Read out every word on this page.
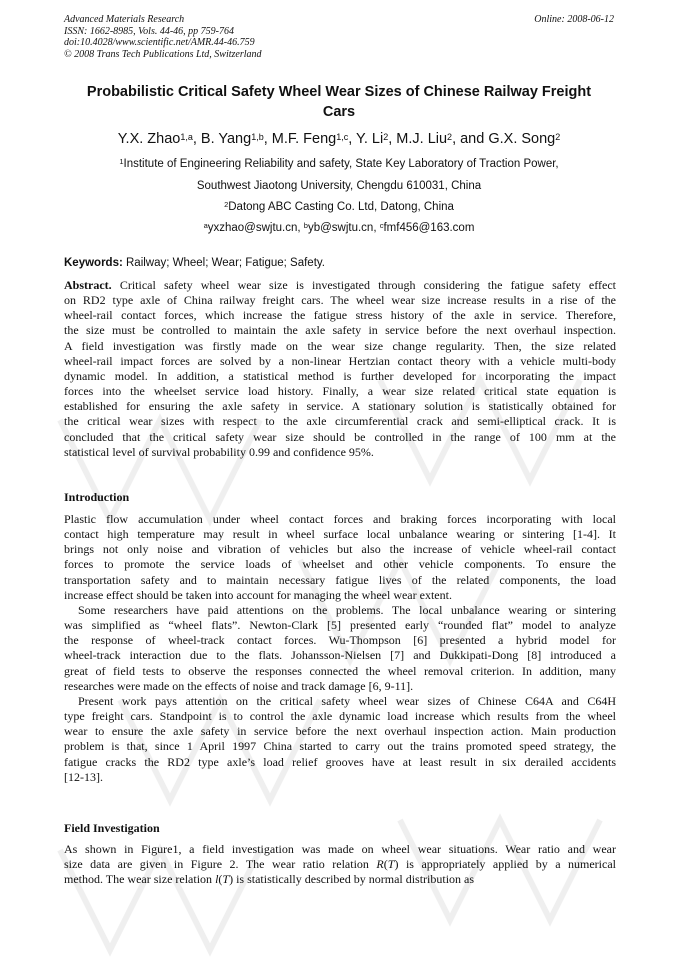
Advanced Materials Research
ISSN: 1662-8985, Vols. 44-46, pp 759-764
doi:10.4028/www.scientific.net/AMR.44-46.759
© 2008 Trans Tech Publications Ltd, Switzerland
Online: 2008-06-12
Probabilistic Critical Safety Wheel Wear Sizes of Chinese Railway Freight
Cars
Y.X. Zhao$^{1,a}$, B. Yang$^{1,b}$, M.F. Feng$^{1,c}$, Y. Li$^2$, M.J. Liu$^2$, and G.X. Song$^2$
$^1$Institute of Engineering Reliability and safety, State Key Laboratory of Traction Power,
Southwest Jiaotong University, Chengdu 610031, China
$^2$Datong ABC Casting Co. Ltd, Datong, China
$^a$yxzhao@swjtu.cn, $^b$yb@swjtu.cn, $^c$fmf456@163.com
Keywords: Railway; Wheel; Wear; Fatigue; Safety.
Abstract. Critical safety wheel wear size is investigated through considering the fatigue safety effect
on RD2 type axle of China railway freight cars. The wheel wear size increase results in a rise of the
wheel-rail contact forces, which increase the fatigue stress history of the axle in service. Therefore,
the size must be controlled to maintain the axle safety in service before the next overhaul inspection.
A field investigation was firstly made on the wear size change regularity. Then, the size related
wheel-rail impact forces are solved by a non-linear Hertzian contact theory with a vehicle multi-body
dynamic model. In addition, a statistical method is further developed for incorporating the impact
forces into the wheelset service load history. Finally, a wear size related critical state equation is
established for ensuring the axle safety in service. A stationary solution is statistically obtained for
the critical wear sizes with respect to the axle circumferential crack and semi-elliptical crack. It is
concluded that the critical safety wear size should be controlled in the range of 100 mm at the
statistical level of survival probability 0.99 and confidence 95%.
Introduction
Plastic flow accumulation under wheel contact forces and braking forces incorporating with local
contact high temperature may result in wheel surface local unbalance wearing or sintering [1-4]. It
brings not only noise and vibration of vehicles but also the increase of vehicle wheel-rail contact
forces to promote the service loads of wheelset and other vehicle components. To ensure the
transportation safety and to maintain necessary fatigue lives of the related components, the load
increase effect should be taken into account for managing the wheel wear extent.
Some researchers have paid attentions on the problems. The local unbalance wearing or sintering
was simplified as “wheel flats”. Newton-Clark [5] presented early “rounded flat” model to analyze
the response of wheel-track contact forces. Wu-Thompson [6] presented a hybrid model for
wheel-track interaction due to the flats. Johansson-Nielsen [7] and Dukkipati-Dong [8] introduced a
great of field tests to observe the responses connected the wheel removal criterion. In addition, many
researches were made on the effects of noise and track damage [6, 9-11].
Present work pays attention on the critical safety wheel wear sizes of Chinese C64A and C64H
type freight cars. Standpoint is to control the axle dynamic load increase which results from the wheel
wear to ensure the axle safety in service before the next overhaul inspection action. Main production
problem is that, since 1 April 1997 China started to carry out the trains promoted speed strategy, the
fatigue cracks the RD2 type axle’s load relief grooves have at least result in six derailed accidents
[12-13].
Field Investigation
As shown in Figure1, a field investigation was made on wheel wear situations. Wear ratio and wear
size data are given in Figure 2. The wear ratio relation R(T) is appropriately applied by a numerical
method. The wear size relation l(T) is statistically described by normal distribution as
